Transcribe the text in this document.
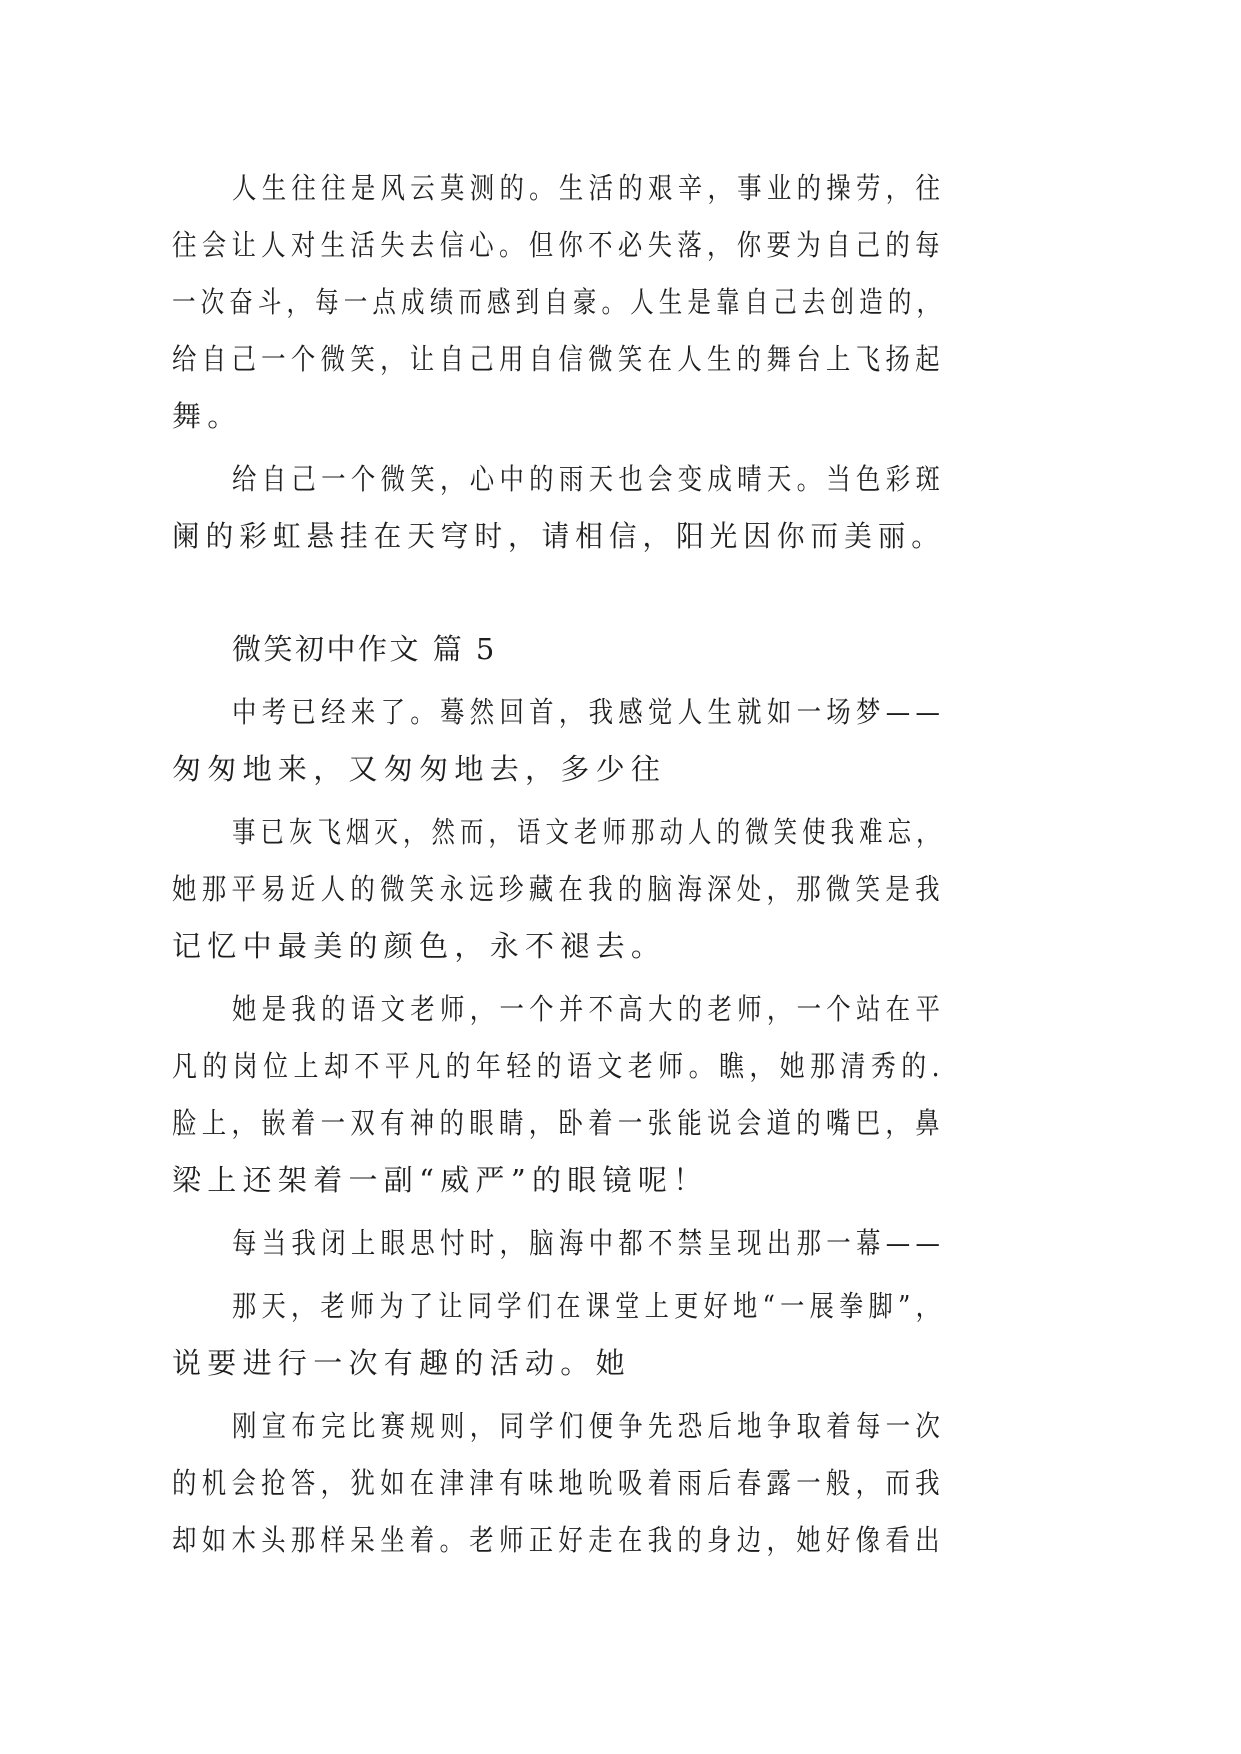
人生往往是风云莫测的。生活的艰辛，事业的操劳，往
往会让人对生活失去信心。但你不必失落，你要为自己的每
一次奋斗，每一点成绩而感到自豪。人生是靠自己去创造的，
给自己一个微笑，让自己用自信微笑在人生的舞台上飞扬起
舞。
给自己一个微笑，心中的雨天也会变成晴天。当色彩斑
阑的彩虹悬挂在天穹时，请相信，阳光因你而美丽。
微笑初中作文 篇 5
中考已经来了。蓦然回首，我感觉人生就如一场梦——
匆匆地来，又匆匆地去，多少往
事已灰飞烟灭，然而，语文老师那动人的微笑使我难忘，
她那平易近人的微笑永远珍藏在我的脑海深处，那微笑是我
记忆中最美的颜色，永不褪去。
她是我的语文老师，一个并不高大的老师，一个站在平
凡的岗位上却不平凡的年轻的语文老师。瞧，她那清秀的.
脸上，嵌着一双有神的眼睛，卧着一张能说会道的嘴巴，鼻
梁上还架着一副“威严”的眼镜呢！
每当我闭上眼思忖时，脑海中都不禁呈现出那一幕——
那天，老师为了让同学们在课堂上更好地“一展拳脚”，
说要进行一次有趣的活动。她
刚宣布完比赛规则，同学们便争先恐后地争取着每一次
的机会抢答，犹如在津津有味地吮吸着雨后春露一般，而我
却如木头那样呆坐着。老师正好走在我的身边，她好像看出
